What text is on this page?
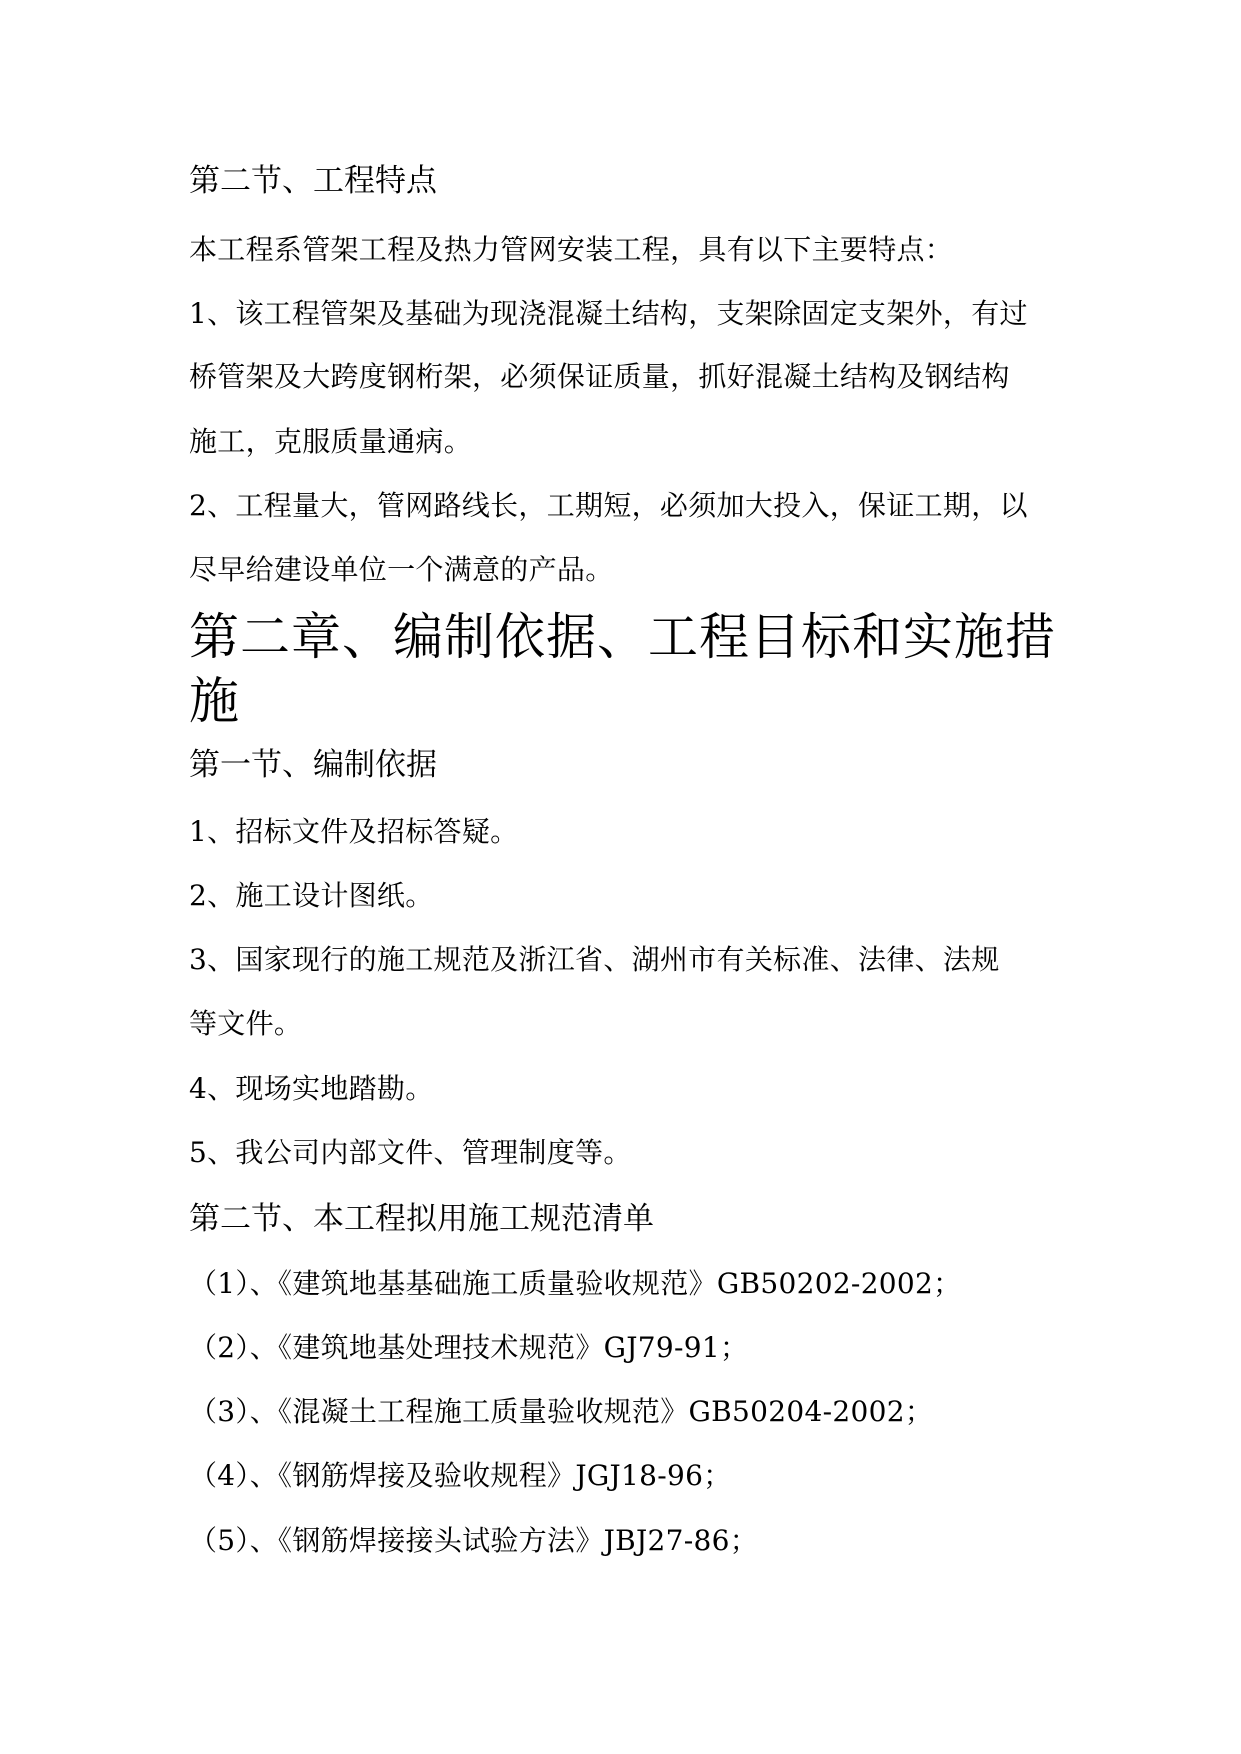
第二节、工程特点
本工程系管架工程及热力管网安装工程，具有以下主要特点：
1、该工程管架及基础为现浇混凝土结构，支架除固定支架外，有过
桥管架及大跨度钢桁架，必须保证质量，抓好混凝土结构及钢结构
施工，克服质量通病。
2、工程量大，管网路线长，工期短，必须加大投入，保证工期，以
尽早给建设单位一个满意的产品。
第二章、编制依据、工程目标和实施措
施
第一节、编制依据
1、招标文件及招标答疑。
2、施工设计图纸。
3、国家现行的施工规范及浙江省、湖州市有关标准、法律、法规
等文件。
4、现场实地踏勘。
5、我公司内部文件、管理制度等。
第二节、本工程拟用施工规范清单
（1）、《建筑地基基础施工质量验收规范》GB50202-2002；
（2）、《建筑地基处理技术规范》GJ79-91；
（3）、《混凝土工程施工质量验收规范》GB50204-2002；
（4）、《钢筋焊接及验收规程》JGJ18-96；
（5）、《钢筋焊接接头试验方法》JBJ27-86；
